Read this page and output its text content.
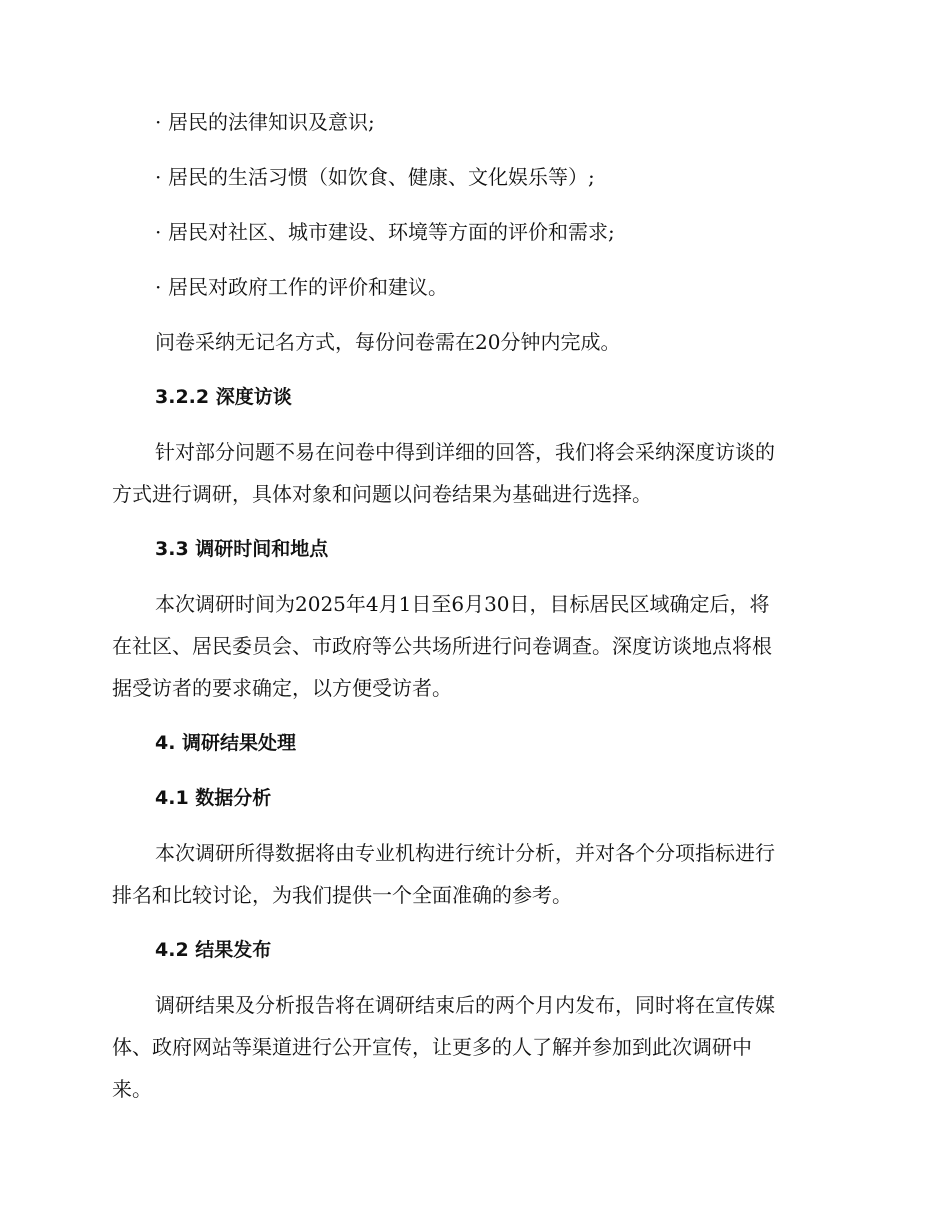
· 居民的法律知识及意识;

· 居民的生活习惯（如饮食、健康、文化娱乐等）;

· 居民对社区、城市建设、环境等方面的评价和需求;

· 居民对政府工作的评价和建议。

问卷采纳无记名方式，每份问卷需在20分钟内完成。

3.2.2 深度访谈

针对部分问题不易在问卷中得到详细的回答，我们将会采纳深度访谈的
方式进行调研，具体对象和问题以问卷结果为基础进行选择。

3.3 调研时间和地点

本次调研时间为2025年4月1日至6月30日，目标居民区域确定后，将
在社区、居民委员会、市政府等公共场所进行问卷调查。深度访谈地点将根
据受访者的要求确定，以方便受访者。

4. 调研结果处理

4.1 数据分析

本次调研所得数据将由专业机构进行统计分析，并对各个分项指标进行
排名和比较讨论，为我们提供一个全面准确的参考。

4.2 结果发布

调研结果及分析报告将在调研结束后的两个月内发布，同时将在宣传媒
体、政府网站等渠道进行公开宣传，让更多的人了解并参加到此次调研中
来。
